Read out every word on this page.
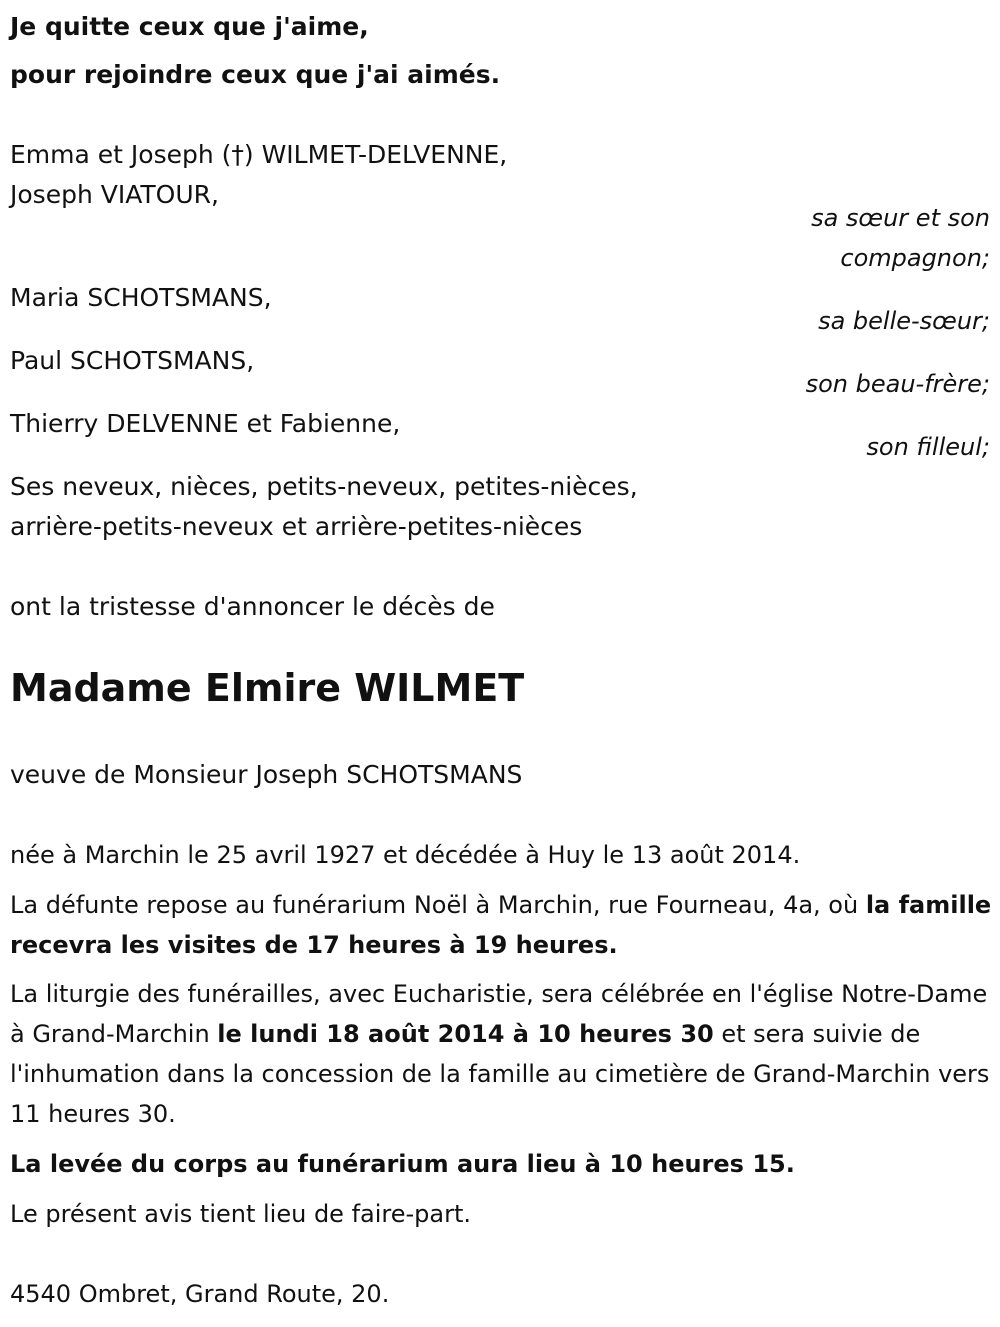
Je quitte ceux que j'aime,
pour rejoindre ceux que j'ai aimés.
Emma et Joseph (†) WILMET-DELVENNE,
Joseph VIATOUR,
sa sœur et son
compagnon;
Maria SCHOTSMANS,
sa belle-sœur;
Paul SCHOTSMANS,
son beau-frère;
Thierry DELVENNE et Fabienne,
son filleul;
Ses neveux, nièces, petits-neveux, petites-nièces,
arrière-petits-neveux et arrière-petites-nièces
ont la tristesse d'annoncer le décès de
Madame Elmire WILMET
veuve de Monsieur Joseph SCHOTSMANS
née à Marchin le 25 avril 1927 et décédée à Huy le 13 août 2014.
La défunte repose au funérarium Noël à Marchin, rue Fourneau, 4a, où la famille recevra les visites de 17 heures à 19 heures.
La liturgie des funérailles, avec Eucharistie, sera célébrée en l'église Notre-Dame à Grand-Marchin le lundi 18 août 2014 à 10 heures 30 et sera suivie de l'inhumation dans la concession de la famille au cimetière de Grand-Marchin vers 11 heures 30.
La levée du corps au funérarium aura lieu à 10 heures 15.
Le présent avis tient lieu de faire-part.
4540 Ombret, Grand Route, 20.
